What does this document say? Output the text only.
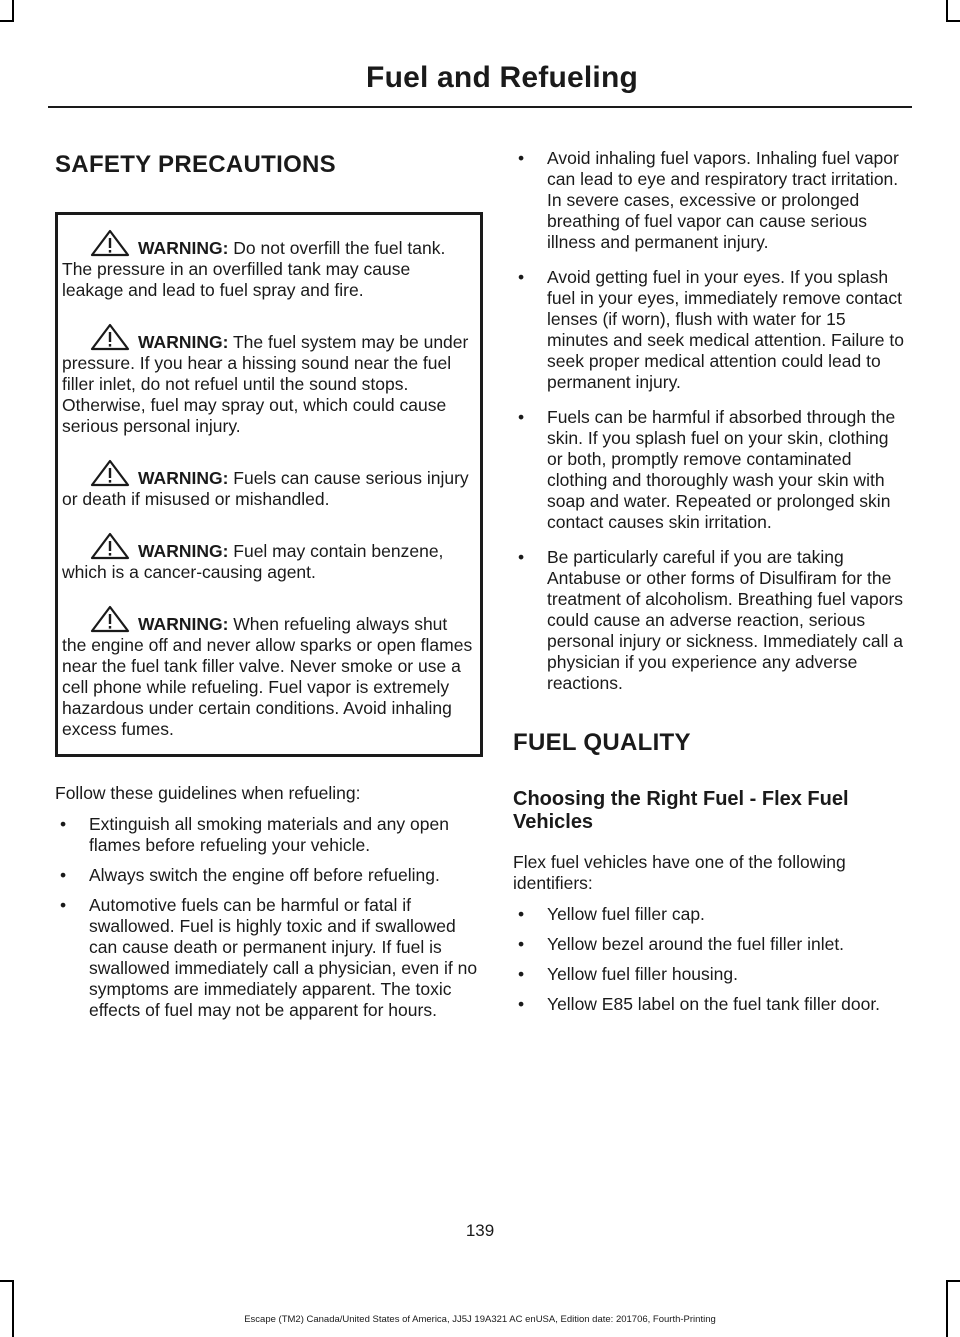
Fuel and Refueling
SAFETY PRECAUTIONS
WARNING: Do not overfill the fuel tank. The pressure in an overfilled tank may cause leakage and lead to fuel spray and fire.
WARNING: The fuel system may be under pressure. If you hear a hissing sound near the fuel filler inlet, do not refuel until the sound stops. Otherwise, fuel may spray out, which could cause serious personal injury.
WARNING: Fuels can cause serious injury or death if misused or mishandled.
WARNING: Fuel may contain benzene, which is a cancer-causing agent.
WARNING: When refueling always shut the engine off and never allow sparks or open flames near the fuel tank filler valve. Never smoke or use a cell phone while refueling. Fuel vapor is extremely hazardous under certain conditions. Avoid inhaling excess fumes.

Follow these guidelines when refueling:

• Extinguish all smoking materials and any open flames before refueling your vehicle.
• Always switch the engine off before refueling.
• Automotive fuels can be harmful or fatal if swallowed. Fuel is highly toxic and if swallowed can cause death or permanent injury. If fuel is swallowed immediately call a physician, even if no symptoms are immediately apparent. The toxic effects of fuel may not be apparent for hours.
• Avoid inhaling fuel vapors. Inhaling fuel vapor can lead to eye and respiratory tract irritation. In severe cases, excessive or prolonged breathing of fuel vapor can cause serious illness and permanent injury.
• Avoid getting fuel in your eyes. If you splash fuel in your eyes, immediately remove contact lenses (if worn), flush with water for 15 minutes and seek medical attention. Failure to seek proper medical attention could lead to permanent injury.
• Fuels can be harmful if absorbed through the skin. If you splash fuel on your skin, clothing or both, promptly remove contaminated clothing and thoroughly wash your skin with soap and water. Repeated or prolonged skin contact causes skin irritation.
• Be particularly careful if you are taking Antabuse or other forms of Disulfiram for the treatment of alcoholism. Breathing fuel vapors could cause an adverse reaction, serious personal injury or sickness. Immediately call a physician if you experience any adverse reactions.
FUEL QUALITY
Choosing the Right Fuel - Flex Fuel Vehicles

Flex fuel vehicles have one of the following identifiers:

• Yellow fuel filler cap.
• Yellow bezel around the fuel filler inlet.
• Yellow fuel filler housing.
• Yellow E85 label on the fuel tank filler door.
139
Escape (TM2) Canada/United States of America, JJ5J 19A321 AC enUSA, Edition date: 201706, Fourth-Printing
